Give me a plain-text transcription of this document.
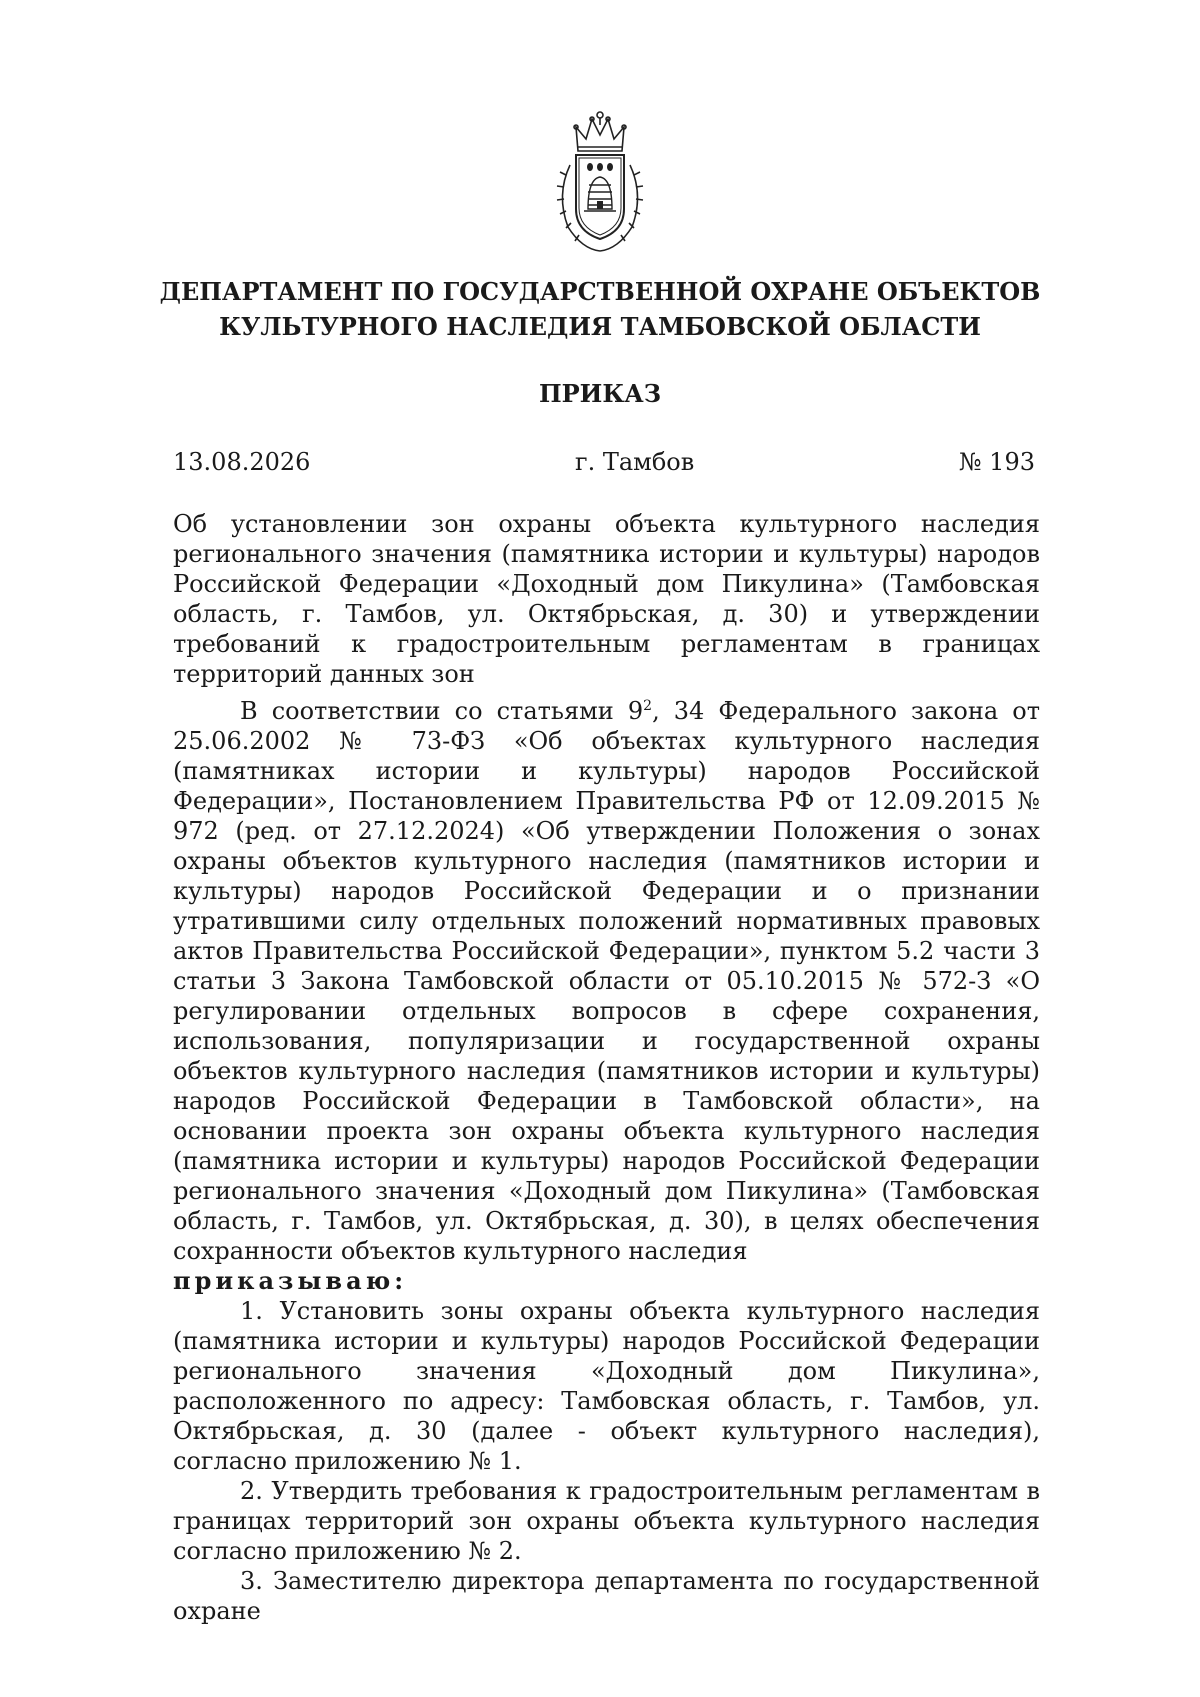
ДЕПАРТАМЕНТ ПО ГОСУДАРСТВЕННОЙ ОХРАНЕ ОБЪЕКТОВ
КУЛЬТУРНОГО НАСЛЕДИЯ ТАМБОВСКОЙ ОБЛАСТИ
ПРИКАЗ
13.08.2026	г. Тамбов	№ 193
Об установлении зон охраны объекта культурного наследия регионального значения (памятника истории и культуры) народов Российской Федерации «Доходный дом Пикулина» (Тамбовская область, г. Тамбов, ул. Октябрьская, д. 30) и утверждении требований к градостроительным регламентам в границах территорий данных зон

В соответствии со статьями $9^2$, 34 Федерального закона от 25.06.2002 № 73-ФЗ «Об объектах культурного наследия (памятниках истории и культуры) народов Российской Федерации», Постановлением Правительства РФ от 12.09.2015 № 972 (ред. от 27.12.2024) «Об утверждении Положения о зонах охраны объектов культурного наследия (памятников истории и культуры) народов Российской Федерации и о признании утратившими силу отдельных положений нормативных правовых актов Правительства Российской Федерации», пунктом 5.2 части 3 статьи 3 Закона Тамбовской области от 05.10.2015 № 572-З «О регулировании отдельных вопросов в сфере сохранения, использования, популяризации и государственной охраны объектов культурного наследия (памятников истории и культуры) народов Российской Федерации в Тамбовской области», на основании проекта зон охраны объекта культурного наследия (памятника истории и культуры) народов Российской Федерации регионального значения «Доходный дом Пикулина» (Тамбовская область, г. Тамбов, ул. Октябрьская, д. 30), в целях обеспечения сохранности объектов культурного наследия

приказываю:

1. Установить зоны охраны объекта культурного наследия (памятника истории и культуры) народов Российской Федерации регионального значения «Доходный дом Пикулина», расположенного по адресу: Тамбовская область, г. Тамбов, ул. Октябрьская, д. 30 (далее - объект культурного наследия), согласно приложению № 1.

2. Утвердить требования к градостроительным регламентам в границах территорий зон охраны объекта культурного наследия согласно приложению № 2.

3. Заместителю директора департамента по государственной охране
